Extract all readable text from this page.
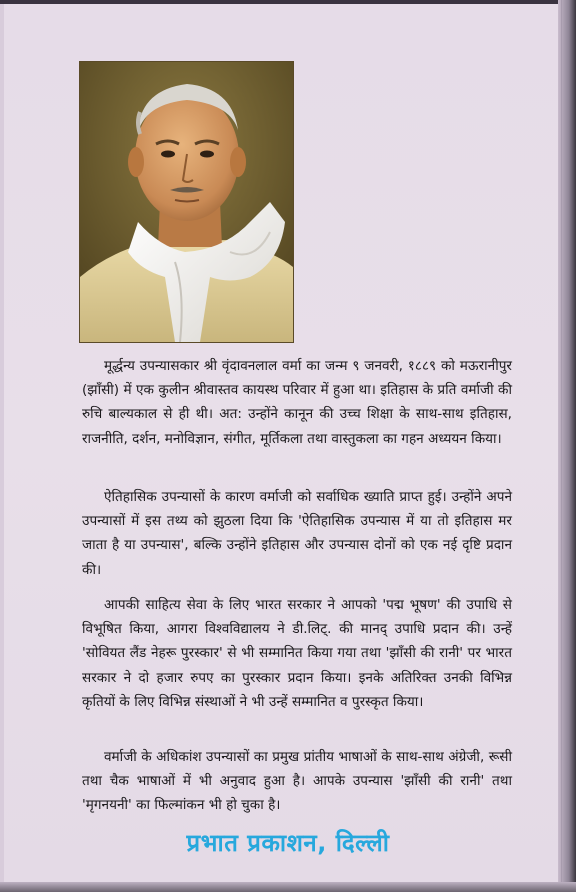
मूर्द्धन्य उपन्यासकार श्री वृंदावनलाल वर्मा का जन्म ९ जनवरी, १८८९ को मऊरानीपुर (झाँसी) में एक कुलीन श्रीवास्तव कायस्थ परिवार में हुआ था। इतिहास के प्रति वर्माजी की रुचि बाल्यकाल से ही थी। अत: उन्होंने कानून की उच्च शिक्षा के साथ-साथ इतिहास, राजनीति, दर्शन, मनोविज्ञान, संगीत, मूर्तिकला तथा वास्तुकला का गहन अध्ययन किया।

ऐतिहासिक उपन्यासों के कारण वर्माजी को सर्वाधिक ख्याति प्राप्त हुई। उन्होंने अपने उपन्यासों में इस तथ्य को झुठला दिया कि 'ऐतिहासिक उपन्यास में या तो इतिहास मर जाता है या उपन्यास', बल्कि उन्होंने इतिहास और उपन्यास दोनों को एक नई दृष्टि प्रदान की।

आपकी साहित्य सेवा के लिए भारत सरकार ने आपको 'पद्म भूषण' की उपाधि से विभूषित किया, आगरा विश्‍वविद्यालय ने डी.लिट्. की मानद् उपाधि प्रदान की। उन्हें 'सोवियत लैंड नेहरू पुरस्कार' से भी सम्मानित किया गया तथा 'झाँसी की रानी' पर भारत सरकार ने दो हजार रुपए का पुरस्कार प्रदान किया। इनके अतिरिक्त उनकी विभिन्न कृतियों के लिए विभिन्न संस्थाओं ने भी उन्हें सम्मानित व पुरस्कृत किया।

वर्माजी के अधिकांश उपन्यासों का प्रमुख प्रांतीय भाषाओं के साथ-साथ अंग्रेजी, रूसी तथा चैक भाषाओं में भी अनुवाद हुआ है। आपके उपन्यास 'झाँसी की रानी' तथा 'मृगनयनी' का फिल्मांकन भी हो चुका है।

प्रभात प्रकाशन, दिल्ली
